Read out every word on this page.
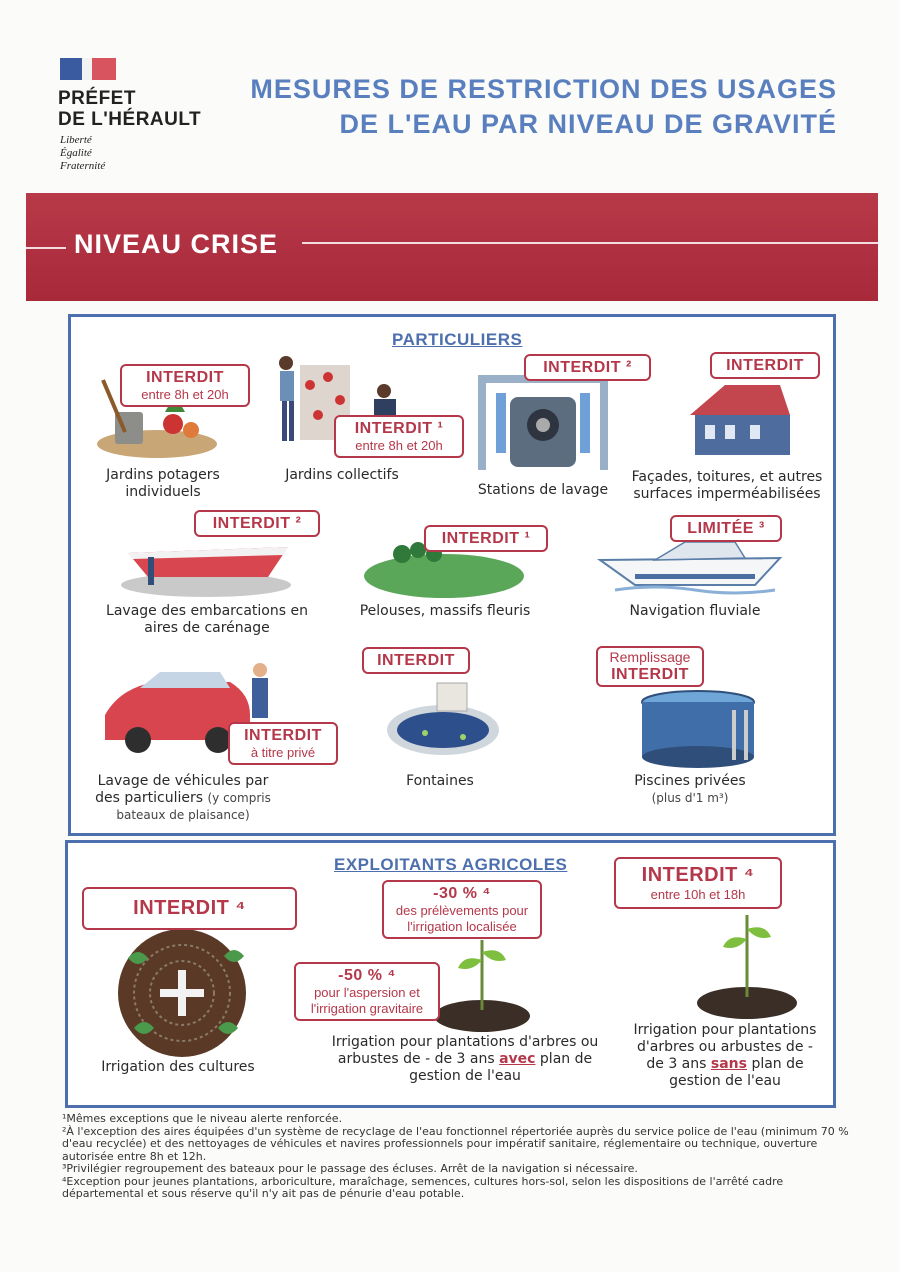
PRÉFET
DE L'HÉRAULT
Liberté
Égalité
Fraternité
MESURES DE RESTRICTION DES USAGES
DE L'EAU PAR NIVEAU DE GRAVITÉ
NIVEAU CRISE
PARTICULIERS
INTERDIT
entre 8h et 20h
Jardins potagers individuels
INTERDIT ¹
entre 8h et 20h
Jardins collectifs
INTERDIT ²
Stations de lavage
INTERDIT
Façades, toitures, et autres surfaces imperméabilisées
INTERDIT ²
Lavage des embarcations en aires de carénage
INTERDIT ¹
Pelouses, massifs fleuris
LIMITÉE ³
Navigation fluviale
INTERDIT
à titre privé
Lavage de véhicules par des particuliers (y compris bateaux de plaisance)
INTERDIT
Fontaines
Remplissage
INTERDIT
Piscines privées
(plus d'1 m³)
EXPLOITANTS AGRICOLES
INTERDIT ⁴
Irrigation des cultures
-30 % ⁴
des prélèvements pour l'irrigation localisée
-50 % ⁴
pour l'aspersion et l'irrigation gravitaire
Irrigation pour plantations d'arbres ou arbustes de - de 3 ans avec plan de gestion de l'eau
INTERDIT ⁴
entre 10h et 18h
Irrigation pour plantations d'arbres ou arbustes de - de 3 ans sans plan de gestion de l'eau

¹Mêmes exceptions que le niveau alerte renforcée.

²À l'exception des aires équipées d'un système de recyclage de l'eau fonctionnel répertoriée auprès du service police de l'eau (minimum 70 % d'eau recyclée) et des nettoyages de véhicules et navires professionnels pour impératif sanitaire, réglementaire ou technique, ouverture autorisée entre 8h et 12h.

³Privilégier regroupement des bateaux pour le passage des écluses. Arrêt de la navigation si nécessaire.

⁴Exception pour jeunes plantations, arboriculture, maraîchage, semences, cultures hors-sol, selon les dispositions de l'arrêté cadre départemental et sous réserve qu'il n'y ait pas de pénurie d'eau potable.
